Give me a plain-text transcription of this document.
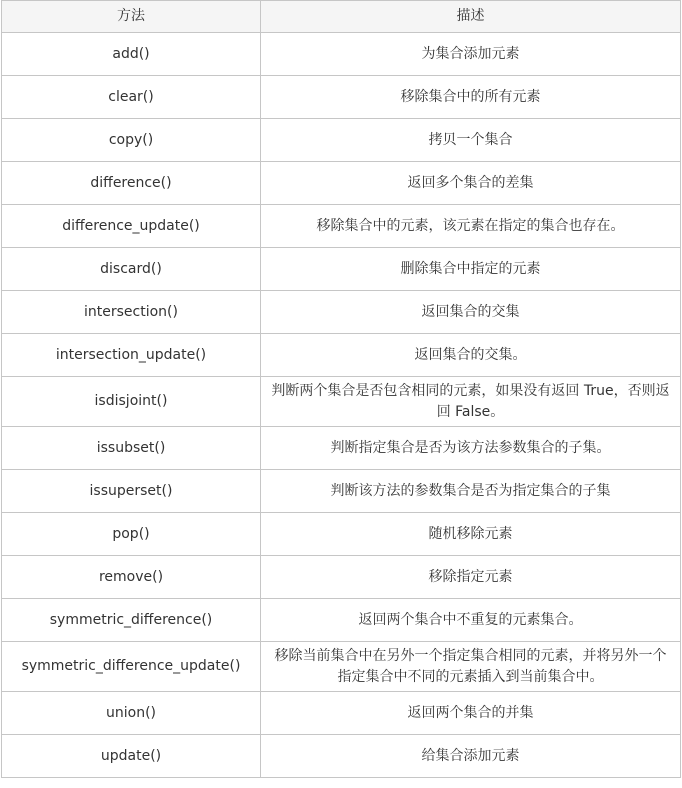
方法	描述
add()	为集合添加元素
clear()	移除集合中的所有元素
copy()	拷贝一个集合
difference()	返回多个集合的差集
difference_update()	移除集合中的元素，该元素在指定的集合也存在。
discard()	删除集合中指定的元素
intersection()	返回集合的交集
intersection_update()	返回集合的交集。
isdisjoint()	判断两个集合是否包含相同的元素，如果没有返回 True，否则返回 False。
issubset()	判断指定集合是否为该方法参数集合的子集。
issuperset()	判断该方法的参数集合是否为指定集合的子集
pop()	随机移除元素
remove()	移除指定元素
symmetric_difference()	返回两个集合中不重复的元素集合。
symmetric_difference_update()	移除当前集合中在另外一个指定集合相同的元素，并将另外一个指定集合中不同的元素插入到当前集合中。
union()	返回两个集合的并集
update()	给集合添加元素
